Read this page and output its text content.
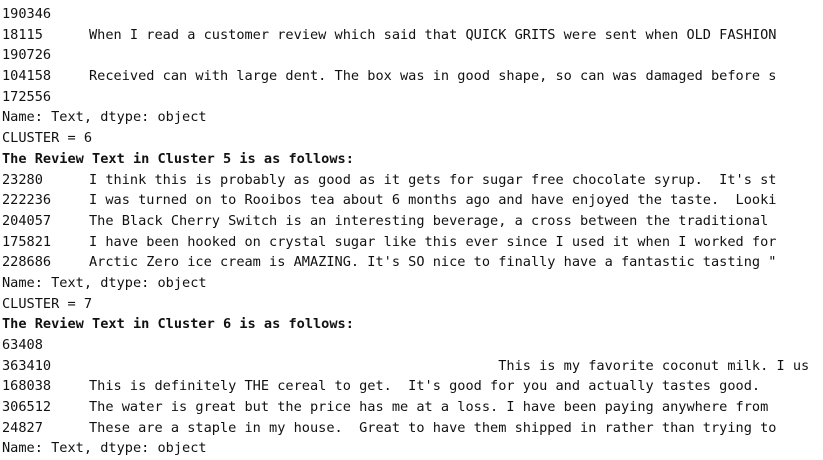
190346
18115	When I read a customer review which said that QUICK GRITS were sent when OLD FASHION
190726
104158	Received can with large dent. The box was in good shape, so can was damaged before s
172556
Name: Text, dtype: object
CLUSTER = 6
The Review Text in Cluster 5 is as follows:
23280	I think this is probably as good as it gets for sugar free chocolate syrup.  It's st
222236	I was turned on to Rooibos tea about 6 months ago and have enjoyed the taste.  Looki
204057	The Black Cherry Switch is an interesting beverage, a cross between the traditional
175821	I have been hooked on crystal sugar like this ever since I used it when I worked for
228686	Arctic Zero ice cream is AMAZING. It's SO nice to finally have a fantastic tasting "
Name: Text, dtype: object
CLUSTER = 7
The Review Text in Cluster 6 is as follows:
63408
363410	This is my favorite coconut milk. I us
168038	This is definitely THE cereal to get.  It's good for you and actually tastes good.
306512	The water is great but the price has me at a loss. I have been paying anywhere from
24827	These are a staple in my house.  Great to have them shipped in rather than trying to
Name: Text, dtype: object
